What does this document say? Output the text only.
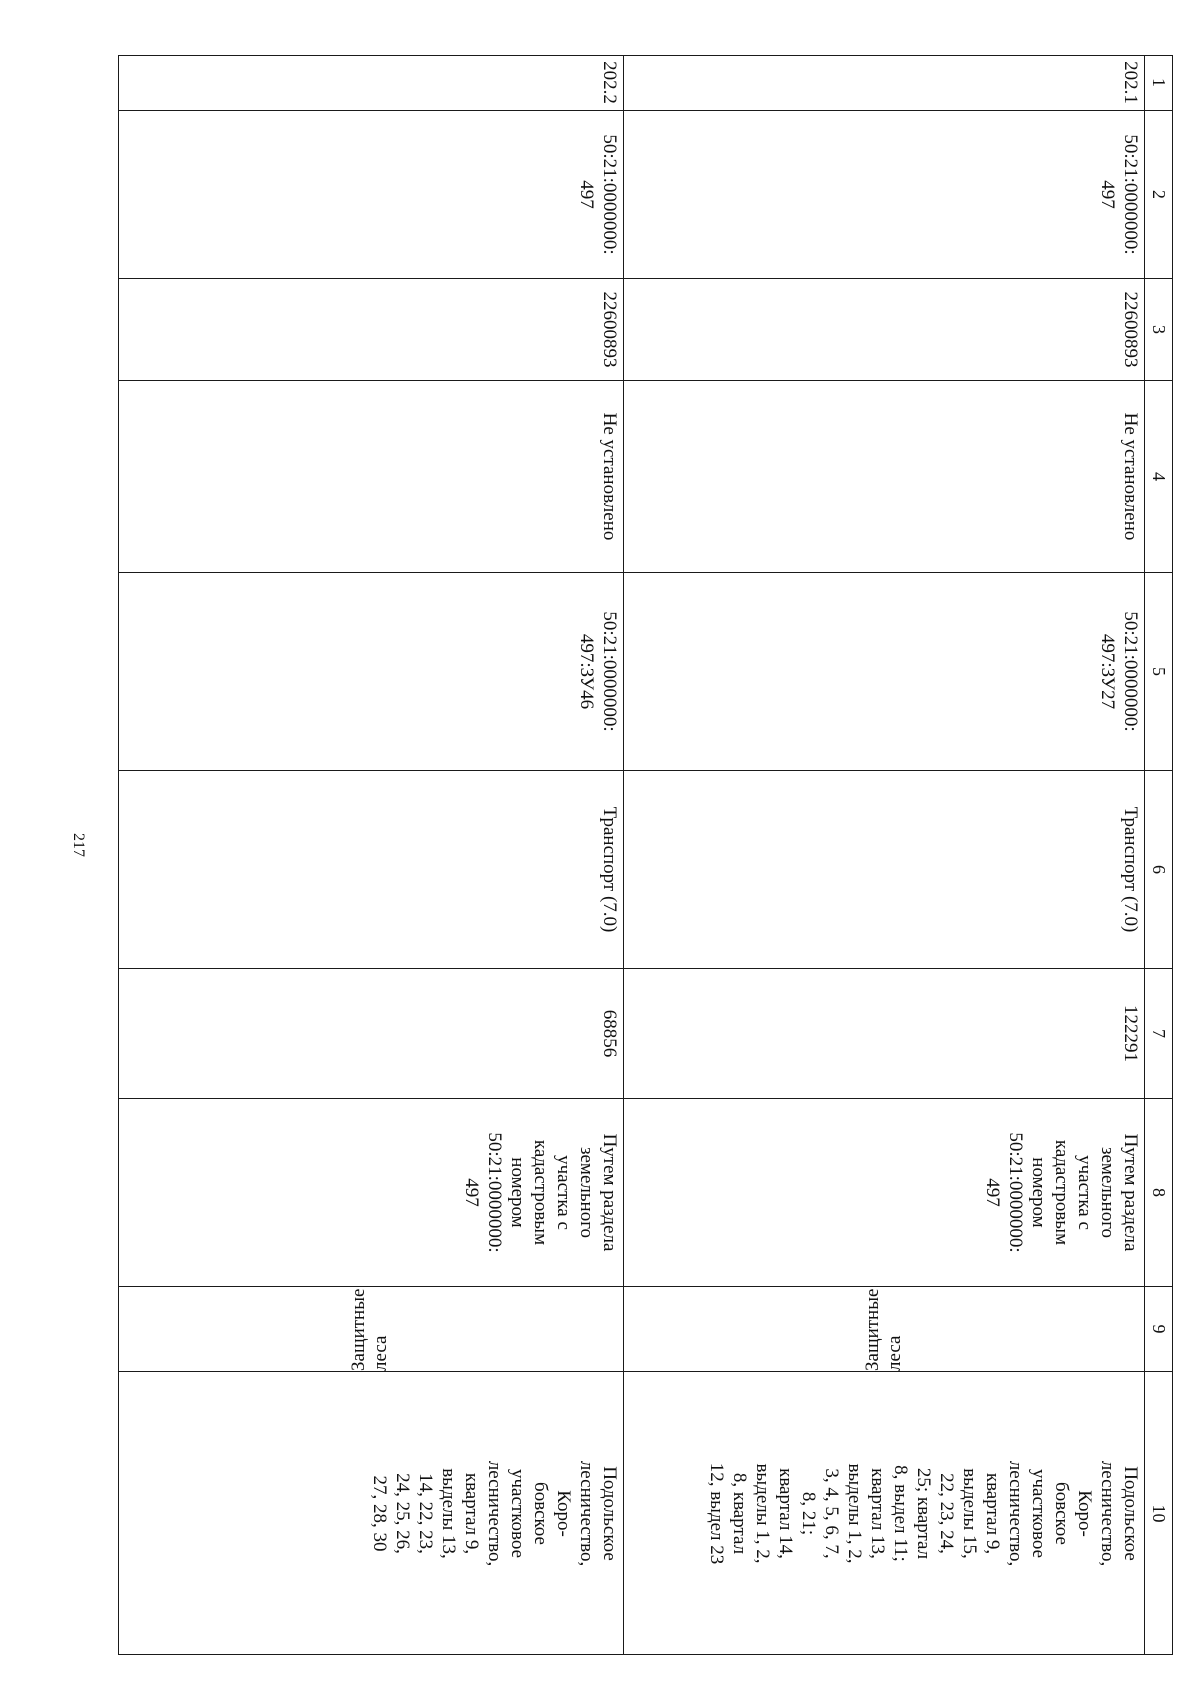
217
1
2
3
4
5
6
7
8
9
10
202.1
50:21:0000000:
497
22600893
Не установлено
50:21:0000000:
497:ЗУ27
Транспорт (7.0)
122291
Путем раздела
земельного
участка с
кадастровым
номером
50:21:0000000:
497
Защитные леса
Подольское
лесничество,
Коро-
бовское
участковое
лесничество,
квартал 9,
выделы 15,
22, 23, 24,
25; квартал
8, выдел 11;
квартал 13,
выделы 1, 2,
3, 4, 5, 6, 7,
8, 21;
квартал 14,
выделы 1, 2,
8, квартал
12, выдел 23
202.2
50:21:0000000:
497
22600893
Не установлено
50:21:0000000:
497:ЗУ46
Транспорт (7.0)
68856
Путем раздела
земельного
участка с
кадастровым
номером
50:21:0000000:
497
Защитные леса
Подольское
лесничество,
Коро-
бовское
участковое
лесничество,
квартал 9,
выделы 13,
14, 22, 23,
24, 25, 26,
27, 28, 30
